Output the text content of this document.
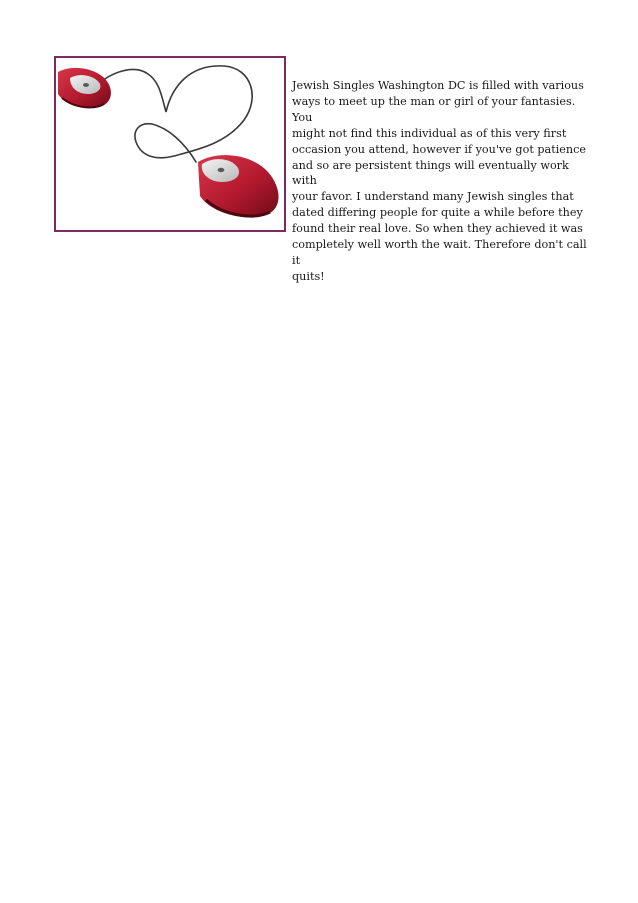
Jewish Singles Washington DC is filled with various
ways to meet up the man or girl of your fantasies. You
might not find this individual as of this very first
occasion you attend, however if you've got patience
and so are persistent things will eventually work with
your favor. I understand many Jewish singles that
dated differing people for quite a while before they
found their real love. So when they achieved it was
completely well worth the wait. Therefore don't call it
quits!
